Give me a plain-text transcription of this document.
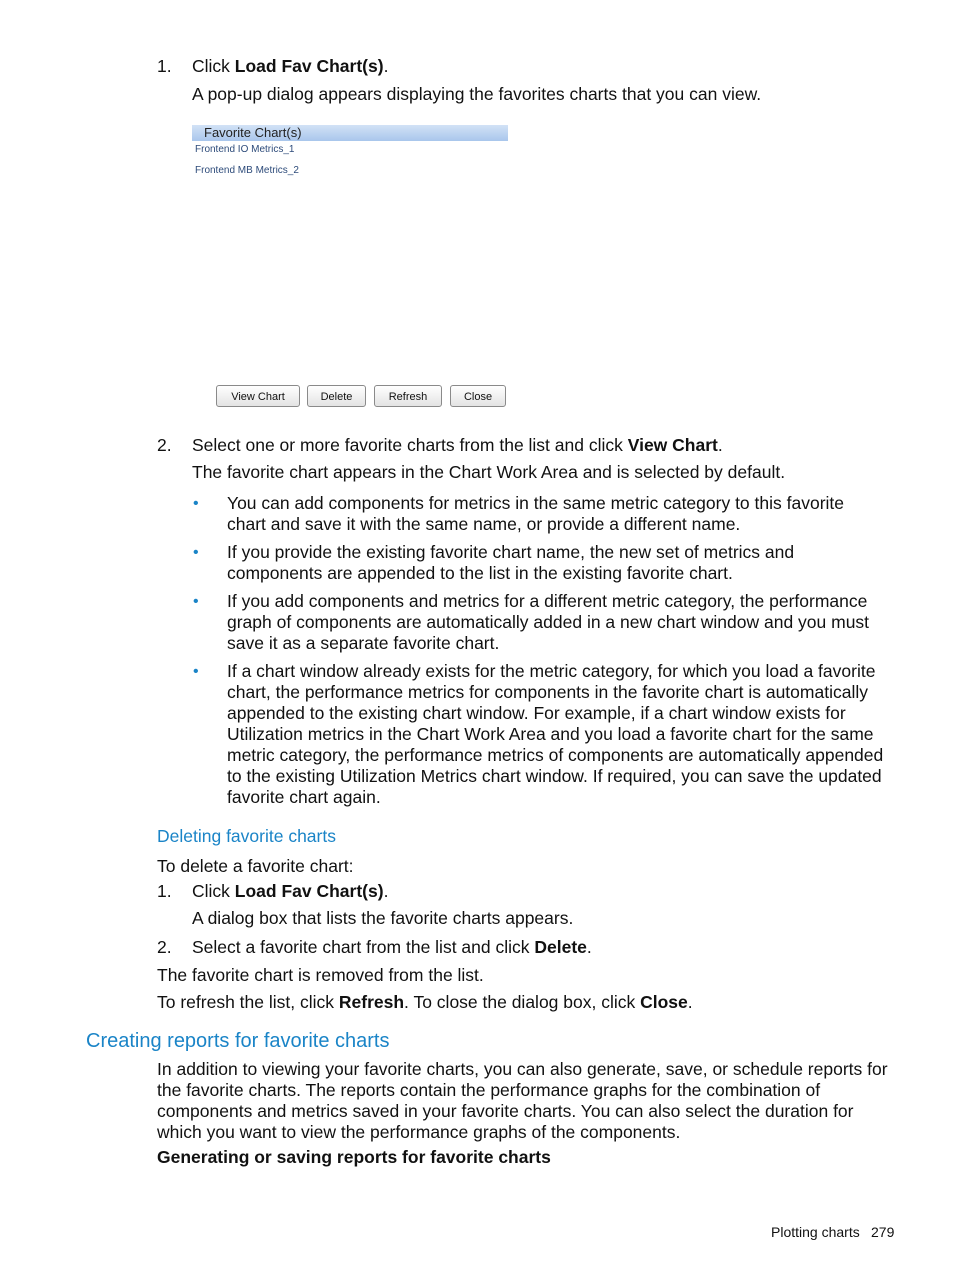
1. Click Load Fav Chart(s).
A pop-up dialog appears displaying the favorites charts that you can view.
Favorite Chart(s)
Frontend IO Metrics_1
Frontend MB Metrics_2
View Chart	Delete	Refresh	Close
2. Select one or more favorite charts from the list and click View Chart.
The favorite chart appears in the Chart Work Area and is selected by default.
• You can add components for metrics in the same metric category to this favorite chart and save it with the same name, or provide a different name.
• If you provide the existing favorite chart name, the new set of metrics and components are appended to the list in the existing favorite chart.
• If you add components and metrics for a different metric category, the performance graph of components are automatically added in a new chart window and you must save it as a separate favorite chart.
• If a chart window already exists for the metric category, for which you load a favorite chart, the performance metrics for components in the favorite chart is automatically appended to the existing chart window. For example, if a chart window exists for Utilization metrics in the Chart Work Area and you load a favorite chart for the same metric category, the performance metrics of components are automatically appended to the existing Utilization Metrics chart window. If required, you can save the updated favorite chart again.
Deleting favorite charts
To delete a favorite chart:
1. Click Load Fav Chart(s).
A dialog box that lists the favorite charts appears.
2. Select a favorite chart from the list and click Delete.
The favorite chart is removed from the list.
To refresh the list, click Refresh. To close the dialog box, click Close.
Creating reports for favorite charts
In addition to viewing your favorite charts, you can also generate, save, or schedule reports for the favorite charts. The reports contain the performance graphs for the combination of components and metrics saved in your favorite charts. You can also select the duration for which you want to view the performance graphs of the components.
Generating or saving reports for favorite charts
Plotting charts 279
